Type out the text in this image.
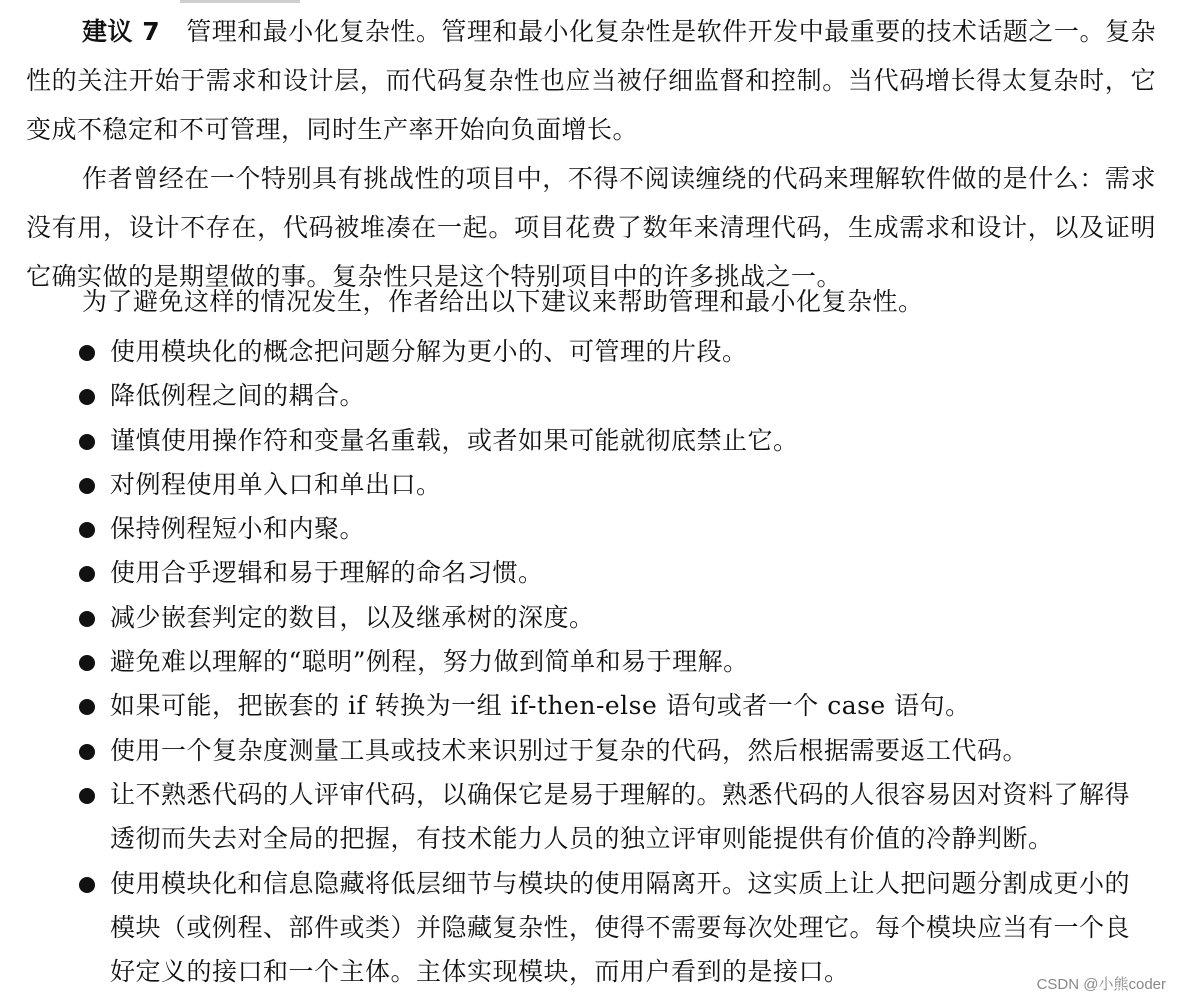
建议 7 管理和最小化复杂性。管理和最小化复杂性是软件开发中最重要的技术话题之一。复杂性的关注开始于需求和设计层，而代码复杂性也应当被仔细监督和控制。当代码增长得太复杂时，它变成不稳定和不可管理，同时生产率开始向负面增长。

作者曾经在一个特别具有挑战性的项目中，不得不阅读缠绕的代码来理解软件做的是什么：需求没有用，设计不存在，代码被堆凑在一起。项目花费了数年来清理代码，生成需求和设计，以及证明它确实做的是期望做的事。复杂性只是这个特别项目中的许多挑战之一。

为了避免这样的情况发生，作者给出以下建议来帮助管理和最小化复杂性。

使用模块化的概念把问题分解为更小的、可管理的片段。
降低例程之间的耦合。
谨慎使用操作符和变量名重载，或者如果可能就彻底禁止它。
对例程使用单入口和单出口。
保持例程短小和内聚。
使用合乎逻辑和易于理解的命名习惯。
减少嵌套判定的数目，以及继承树的深度。
避免难以理解的“聪明”例程，努力做到简单和易于理解。
如果可能，把嵌套的 if 转换为一组 if-then-else 语句或者一个 case 语句。
使用一个复杂度测量工具或技术来识别过于复杂的代码，然后根据需要返工代码。
让不熟悉代码的人评审代码，以确保它是易于理解的。熟悉代码的人很容易因对资料了解得透彻而失去对全局的把握，有技术能力人员的独立评审则能提供有价值的冷静判断。
使用模块化和信息隐藏将低层细节与模块的使用隔离开。这实质上让人把问题分割成更小的模块（或例程、部件或类）并隐藏复杂性，使得不需要每次处理它。每个模块应当有一个良好定义的接口和一个主体。主体实现模块，而用户看到的是接口。	CSDN @小熊coder
